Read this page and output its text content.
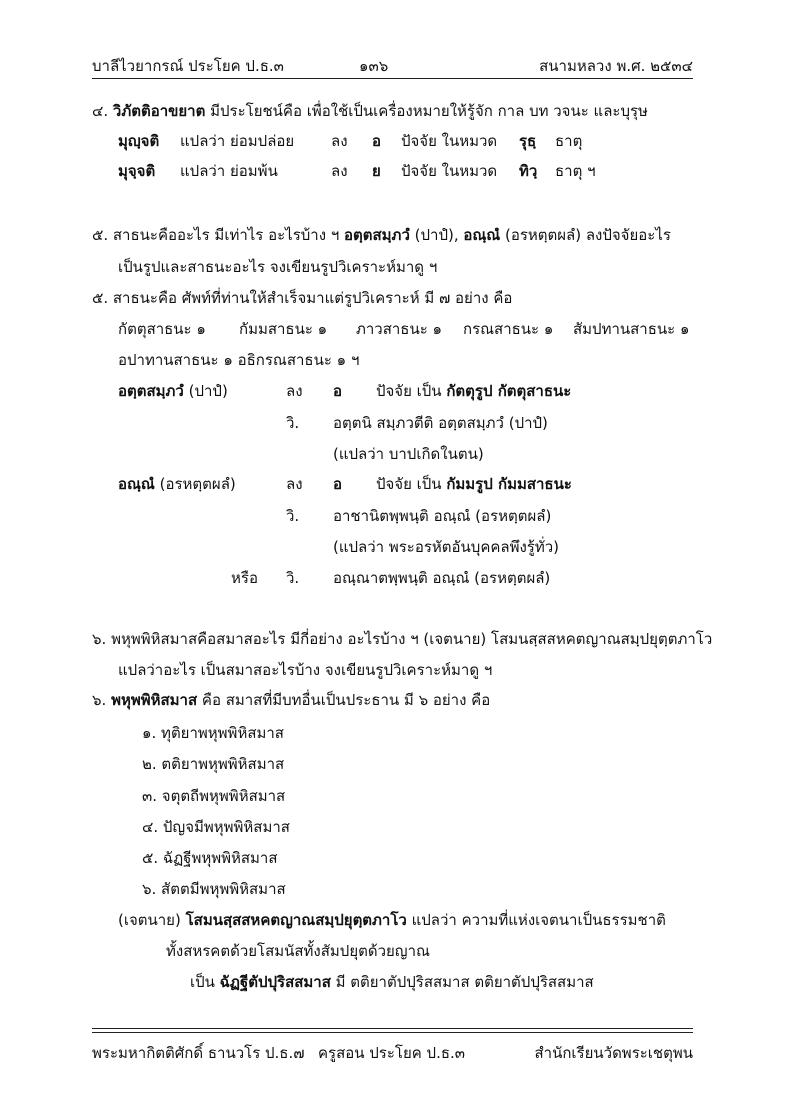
บาลีไวยากรณ์ ประโยค ป.ธ.๓	๑๓๖	สนามหลวง พ.ศ. ๒๕๓๔
๔. วิภัตติอาขยาต มีประโยชน์คือ เพื่อใช้เป็นเครื่องหมายให้รู้จัก กาล บท วจนะ และบุรุษ
มุญฺจติ แปลว่า ย่อมปล่อย ลง อ ปัจจัย ในหมวด รุธฺ ธาตุ
มุจฺจติ แปลว่า ย่อมพ้น	ลง ย ปัจจัย ในหมวด ทิวฺ ธาตุ ฯ
๕. สาธนะคืออะไร มีเท่าไร อะไรบ้าง ฯ อตฺตสมฺภวํ (ปาปํ), อณฺณํ (อรหตฺตผลํ) ลงปัจจัยอะไร
เป็นรูปและสาธนะอะไร จงเขียนรูปวิเคราะห์มาดู ฯ
๕. สาธนะคือ ศัพท์ที่ท่านให้สำเร็จมาแต่รูปวิเคราะห์ มี ๗ อย่าง คือ
กัตตุสาธนะ ๑ กัมมสาธนะ ๑ ภาวสาธนะ ๑ กรณสาธนะ ๑ สัมปทานสาธนะ ๑
อปาทานสาธนะ ๑ อธิกรณสาธนะ ๑ ฯ
อตฺตสมฺภวํ (ปาปํ)	ลง อ ปัจจัย เป็น กัตตุรูป กัตตุสาธนะ
วิ. อตฺตนิ สมฺภวตีติ อตฺตสมฺภวํ (ปาปํ)
(แปลว่า บาปเกิดในตน)
อณฺณํ (อรหตฺตผลํ)	ลง อ ปัจจัย เป็น กัมมรูป กัมมสาธนะ
วิ. อาชานิตพฺพนฺติ อณฺณํ (อรหตฺตผลํ)
(แปลว่า พระอรหัตอันบุคคลพึงรู้ทั่ว)
หรือ วิ. อณฺณาตพฺพนฺติ อณฺณํ (อรหตฺตผลํ)
๖. พหุพพิหิสมาสคือสมาสอะไร มีกี่อย่าง อะไรบ้าง ฯ (เจตนาย) โสมนสฺสสหคตญาณสมฺปยุตฺตภาโว
แปลว่าอะไร เป็นสมาสอะไรบ้าง จงเขียนรูปวิเคราะห์มาดู ฯ
๖. พหุพพิหิสมาส คือ สมาสที่มีบทอื่นเป็นประธาน มี ๖ อย่าง คือ
๑. ทุติยาพหุพพิหิสมาส
๒. ตติยาพหุพพิหิสมาส
๓. จตุตถีพหุพพิหิสมาส
๔. ปัญจมีพหุพพิหิสมาส
๕. ฉัฏฐีพหุพพิหิสมาส
๖. สัตตมีพหุพพิหิสมาส
(เจตนาย) โสมนสฺสสหคตญาณสมฺปยุตฺตภาโว แปลว่า ความที่แห่งเจตนาเป็นธรรมชาติ
ทั้งสหรคตด้วยโสมนัสทั้งสัมปยุตด้วยญาณ
เป็น ฉัฏฐีตัปปุริสสมาส มี ตติยาตัปปุริสสมาส ตติยาตัปปุริสสมาส
พระมหากิตติศักดิ์ ธานวโร ป.ธ.๗ ครูสอน ประโยค ป.ธ.๓	สำนักเรียนวัดพระเชตุพน
